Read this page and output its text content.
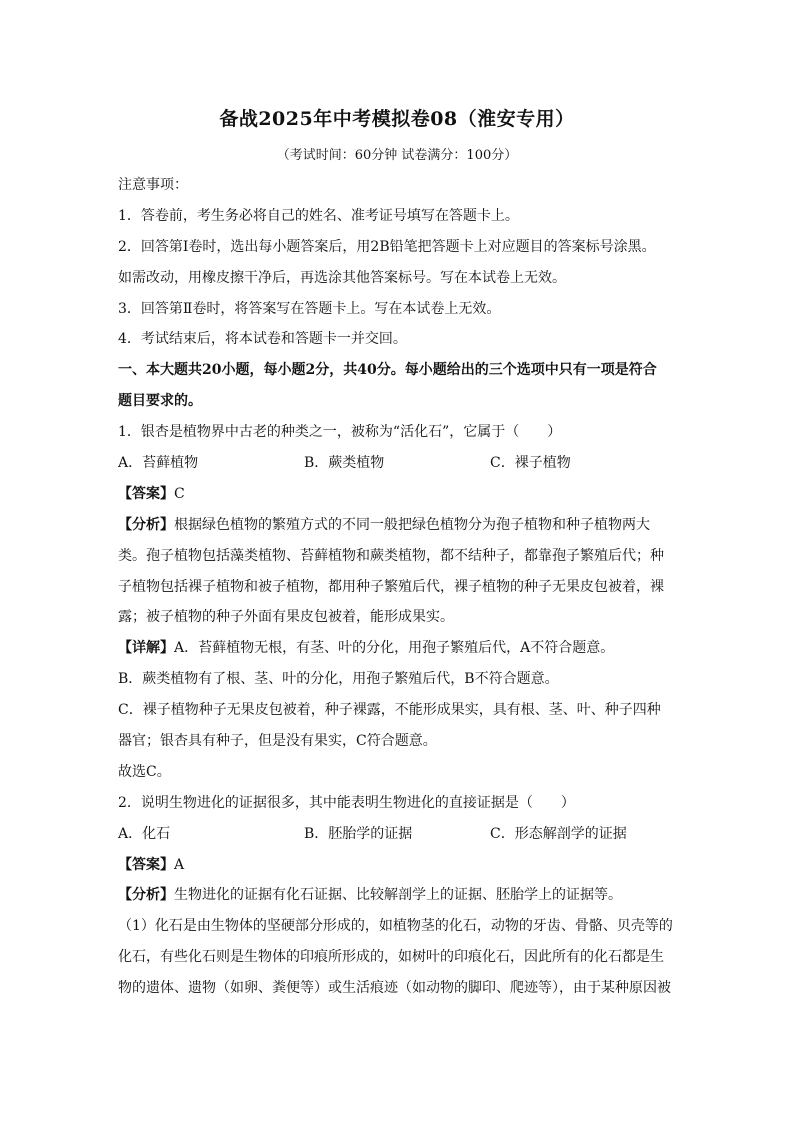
备战2025年中考模拟卷08（淮安专用）
（考试时间：60分钟 试卷满分：100分）
注意事项：
1．答卷前，考生务必将自己的姓名、准考证号填写在答题卡上。
2．回答第Ⅰ卷时，选出每小题答案后，用2B铅笔把答题卡上对应题目的答案标号涂黑。
如需改动，用橡皮擦干净后，再选涂其他答案标号。写在本试卷上无效。
3．回答第Ⅱ卷时，将答案写在答题卡上。写在本试卷上无效。
4．考试结束后，将本试卷和答题卡一并交回。
一、本大题共20小题，每小题2分，共40分。每小题给出的三个选项中只有一项是符合
题目要求的。
1．银杏是植物界中古老的种类之一，被称为“活化石”，它属于（　　）
A．苔藓植物	B．蕨类植物	C．裸子植物
【答案】C
【分析】根据绿色植物的繁殖方式的不同一般把绿色植物分为孢子植物和种子植物两大
类。孢子植物包括藻类植物、苔藓植物和蕨类植物，都不结种子，都靠孢子繁殖后代；种
子植物包括裸子植物和被子植物，都用种子繁殖后代，裸子植物的种子无果皮包被着，裸
露；被子植物的种子外面有果皮包被着，能形成果实。
【详解】A．苔藓植物无根，有茎、叶的分化，用孢子繁殖后代，A不符合题意。
B．蕨类植物有了根、茎、叶的分化，用孢子繁殖后代，B不符合题意。
C．裸子植物种子无果皮包被着，种子裸露，不能形成果实，具有根、茎、叶、种子四种
器官；银杏具有种子，但是没有果实，C符合题意。
故选C。
2．说明生物进化的证据很多，其中能表明生物进化的直接证据是（　　）
A．化石	B．胚胎学的证据	C．形态解剖学的证据
【答案】A
【分析】生物进化的证据有化石证据、比较解剖学上的证据、胚胎学上的证据等。
（1）化石是由生物体的坚硬部分形成的，如植物茎的化石，动物的牙齿、骨骼、贝壳等的
化石，有些化石则是生物体的印痕所形成的，如树叶的印痕化石，因此所有的化石都是生
物的遗体、遗物（如卵、粪便等）或生活痕迹（如动物的脚印、爬迹等），由于某种原因被
